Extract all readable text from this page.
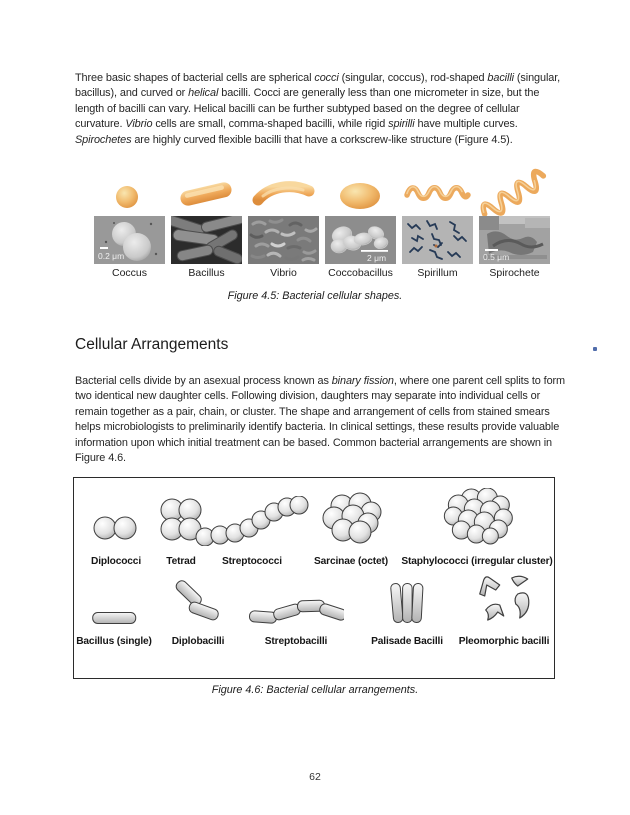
Three basic shapes of bacterial cells are spherical cocci (singular, coccus), rod-shaped bacilli (singular, bacillus), and curved or helical bacilli. Cocci are generally less than one micrometer in size, but the length of bacilli can vary. Helical bacilli can be further subtyped based on the degree of cellular curvature. Vibrio cells are small, comma-shaped bacilli, while rigid spirilli have multiple curves. Spirochetes are highly curved flexible bacilli that have a corkscrew-like structure (Figure 4.5).
0.2 μm
Coccus	Bacillus	Vibrio
2 μm
Coccobacillus Spirillum
0.5 μm
Spirochete
Figure 4.5: Bacterial cellular shapes.
Cellular Arrangements
Bacterial cells divide by an asexual process known as binary fission, where one parent cell splits to form two identical new daughter cells. Following division, daughters may separate into individual cells or remain together as a pair, chain, or cluster. The shape and arrangement of cells from stained smears helps microbiologists to preliminarily identify bacteria. In clinical settings, these results provide valuable information upon which initial treatment can be based. Common bacterial arrangements are shown in Figure 4.6.
Diplococci Tetrad	Streptococci	Sarcinae (octet) Staphylococci (irregular cluster)
Bacillus (single) Diplobacilli	Streptobacilli	Palisade Bacilli Pleomorphic bacilli
Figure 4.6: Bacterial cellular arrangements.
62
